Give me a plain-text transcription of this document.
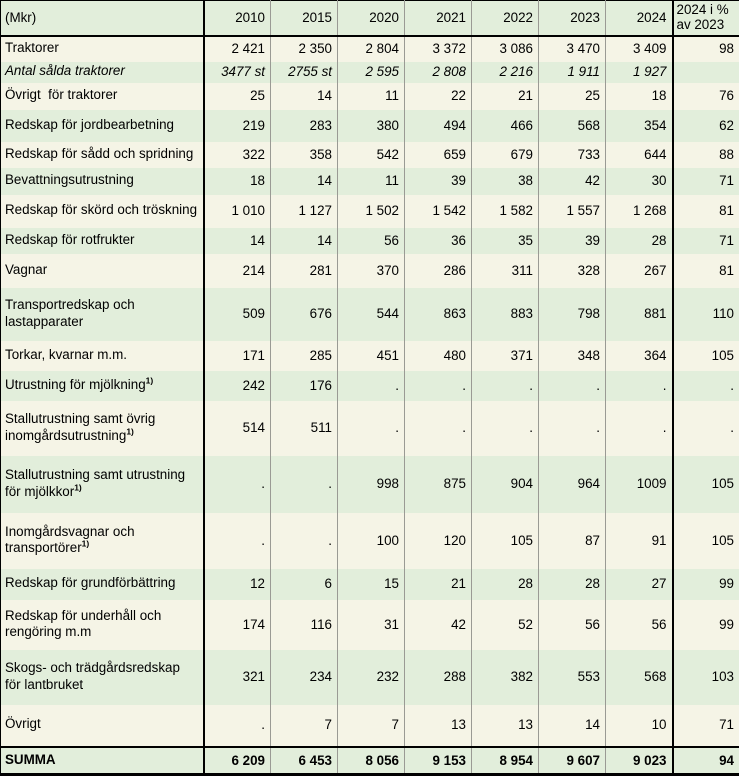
(Mkr)	2010	2015	2020	2021	2022	2023	2024	2024 i %
av 2023
Traktorer	2 421	2 350	2 804	3 372	3 086	3 470	3 409	98
Antal sålda traktorer	3477 st	2755 st	2 595	2 808	2 216	1 911	1 927	
Övrigt  för traktorer	25	14	11	22	21	25	18	76
Redskap för jordbearbetning	219	283	380	494	466	568	354	62
Redskap för sådd och spridning	322	358	542	659	679	733	644	88
Bevattningsutrustning	18	14	11	39	38	42	30	71
Redskap för skörd och tröskning	1 010	1 127	1 502	1 542	1 582	1 557	1 268	81
Redskap för rotfrukter	14	14	56	36	35	39	28	71
Vagnar	214	281	370	286	311	328	267	81
Transportredskap och lastapparater	509	676	544	863	883	798	881	110
Torkar, kvarnar m.m.	171	285	451	480	371	348	364	105
Utrustning för mjölkning$^{1)}$	242	176	.	.	.	.	.	.
Stallutrustning samt övrig inomgårdsutrustning$^{1)}$	514	511	.	.	.	.	.	.
Stallutrustning samt utrustning för mjölkkor$^{1)}$	.	.	998	875	904	964	1009	105
Inomgårdsvagnar och transportörer$^{1)}$	.	.	100	120	105	87	91	105
Redskap för grundförbättring	12	6	15	21	28	28	27	99
Redskap för underhåll och rengöring m.m	174	116	31	42	52	56	56	99
Skogs- och trädgårdsredskap för lantbruket	321	234	232	288	382	553	568	103
Övrigt	.	7	7	13	13	14	10	71
SUMMA	6 209	6 453	8 056	9 153	8 954	9 607	9 023	94
